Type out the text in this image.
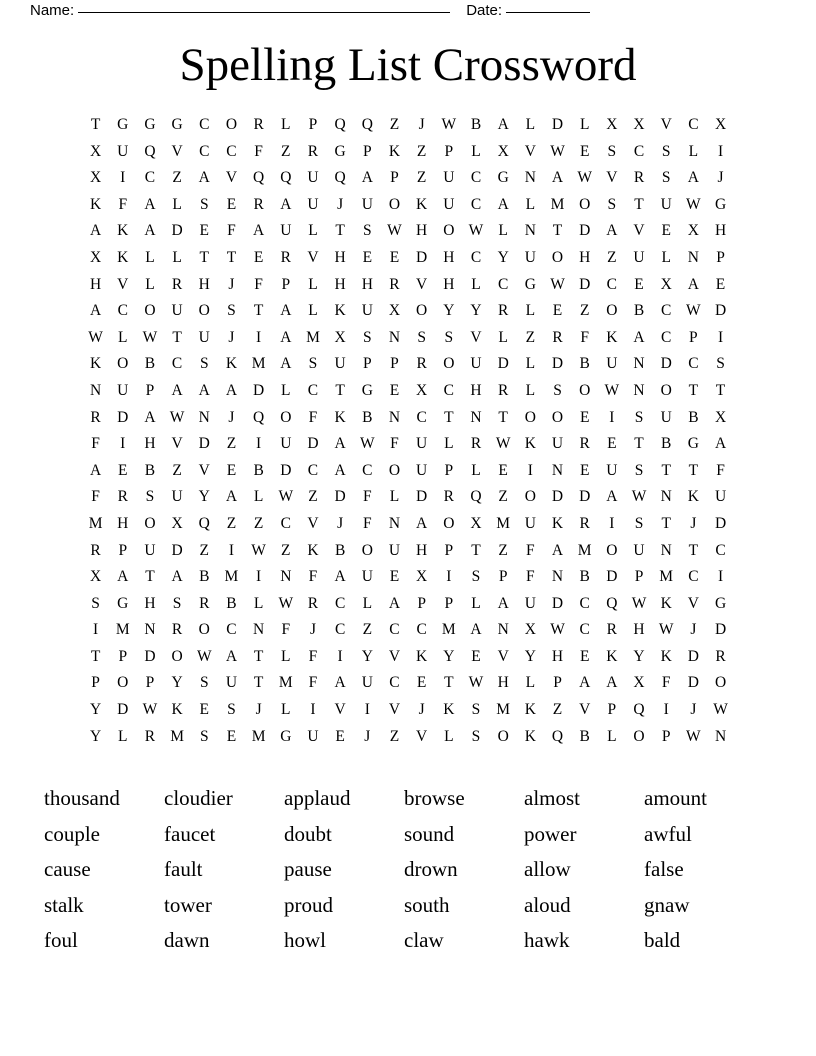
Name:	Date:
Spelling List Crossword
T	G	G	G	C	O	R	L	P	Q	Q	Z	J	W B	A	L	D	L	X	X	V	C	X
X	U	Q	V	C	C	F	Z	R	G	P	K	Z	P	L	X	V W E	S	C	S	L	I
X	I	C	Z	A	V	Q	Q	U	Q	A	P	Z	U	C	G	N	A W V	R	S	A	J
K	F	A	L	S	E	R	A	U	J	U	O	K	U	C	A	L	M O	S	T	U W G
A	K	A	D	E	F	A	U	L	T	S	W H	O W L	N	T	D	A	V	E	X	H
X	K	L	L	T	T	E	R	V	H	E	E	D	H	C	Y	U	O	H	Z	U	L	N	P
H	V	L	R	H	J	F	P	L	H	H	R	V	H	L	C	G W D	C	E	X	A	E
A	C	O	U	O	S	T	A	L	K	U	X	O	Y	Y	R	L	E	Z	O	B	C W D
W L W T	U	J	I	A M X	S	N	S	S	V	L	Z	R	F	K	A	C	P	I
K	O	B	C	S	K M A	S	U	P	P	R	O	U	D	L	D	B	U	N	D	C	S
N	U	P	A	A	A	D	L	C	T	G	E	X	C	H	R	L	S	O W N	O	T	T
R	D	A W N	J	Q	O	F	K	B	N	C	T	N	T	O	O	E	I	S	U	B	X
F	I	H	V	D	Z	I	U	D	A W	F	U	L	R W K	U	R	E	T	B	G	A
A	E	B	Z	V	E	B	D	C	A	C	O	U	P	L	E	I	N	E	U	S	T	T	F
F	R	S	U	Y	A	L W Z	D	F	L	D	R	Q	Z	O	D	D	A W N	K	U
M H	O	X	Q	Z	Z	C	V	J	F	N	A	O	X M U	K	R	I	S	T	J	D
R	P	U	D	Z	I	W Z	K	B	O	U	H	P	T	Z	F	A M O	U	N	T	C
X	A	T	A	B M	I	N	F	A	U	E	X	I	S	P	F	N	B	D	P	M C	I
S	G	H	S	R	B	L W R	C	L	A	P	P	L	A	U	D	C	Q W K	V	G
I	M N	R	O	C	N	F	J	C	Z	C	C M A	N	X W C	R	H W	J	D
T	P	D	O W A	T	L	F	I	Y	V	K	Y	E	V	Y	H	E	K	Y	K	D	R
P	O	P	Y	S	U	T	M	F	A	U	C	E	T W H	L	P	A	A	X	F	D	O
Y	D W K	E	S	J	L	I	V	I	V	J	K	S	M K	Z	V	P	Q	I	J	W
Y	L	R M	S	E	M G	U	E	J	Z	V	L	S	O	K	Q	B	L	O	P	W N
thousand	cloudier	applaud	browse	almost	amount
couple	faucet	doubt	sound	power	awful
cause	fault	pause	drown	allow	false
stalk	tower	proud	south	aloud	gnaw
foul	dawn	howl	claw	hawk	bald
